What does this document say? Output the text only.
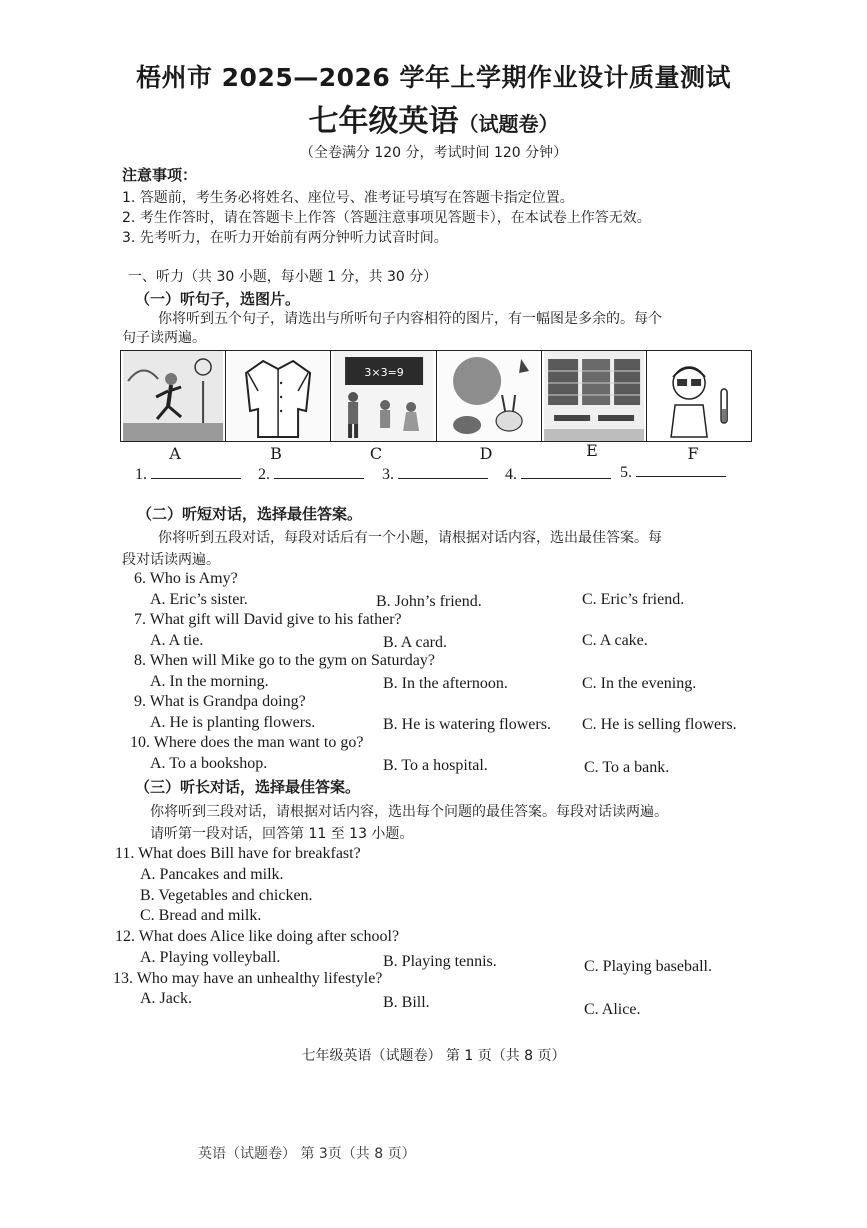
梧州市 2025—2026 学年上学期作业设计质量测试
七年级英语（试题卷）
（全卷满分 120 分，考试时间 120 分钟）
注意事项：
1. 答题前，考生务必将姓名、座位号、准考证号填写在答题卡指定位置。
2. 考生作答时，请在答题卡上作答（答题注意事项见答题卡），在本试卷上作答无效。
3. 先考听力，在听力开始前有两分钟听力试音时间。
一、听力（共 30 小题，每小题 1 分，共 30 分）
（一）听句子，选图片。
你将听到五个句子，请选出与所听句子内容相符的图片，有一幅图是多余的。每个
句子读两遍。
3×3=9
A	B	C	D	E	F
1.	2.	3.	4.	5.
（二）听短对话，选择最佳答案。
你将听到五段对话，每段对话后有一个小题，请根据对话内容，选出最佳答案。每
段对话读两遍。
6. Who is Amy?
A. Eric’s sister.	B. John’s friend.	C. Eric’s friend.
7. What gift will David give to his father?
A. A tie.	B. A card.	C. A cake.
8. When will Mike go to the gym on Saturday?
A. In the morning.	B. In the afternoon.	C. In the evening.
9. What is Grandpa doing?
A. He is planting flowers.	B. He is watering flowers. C. He is selling flowers.
10. Where does the man want to go?
A. To a bookshop.	B. To a hospital.	C. To a bank.
（三）听长对话，选择最佳答案。
你将听到三段对话，请根据对话内容，选出每个问题的最佳答案。每段对话读两遍。
请听第一段对话，回答第 11 至 13 小题。
11. What does Bill have for breakfast?
A. Pancakes and milk.
B. Vegetables and chicken.
C. Bread and milk.
12. What does Alice like doing after school?
A. Playing volleyball.	B. Playing tennis.	C. Playing baseball.
13. Who may have an unhealthy lifestyle?
A. Jack.	B. Bill.	C. Alice.
七年级英语（试题卷） 第 1 页（共 8 页）
英语（试题卷） 第 3页（共 8 页）
